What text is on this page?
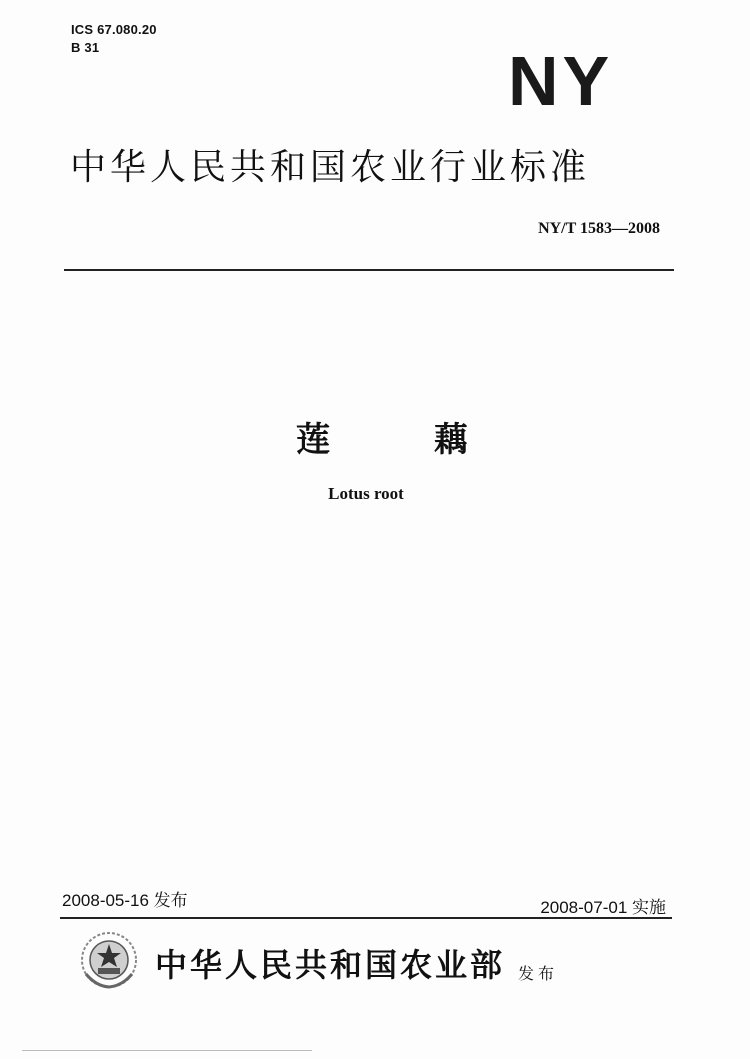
ICS 67.080.20
B 31	NY
中华人民共和国农业行业标准
NY/T 1583—2008
莲 藕
Lotus root
2008-05-16 发布	2008-07-01 实施
中华人民共和国农业部 发布
